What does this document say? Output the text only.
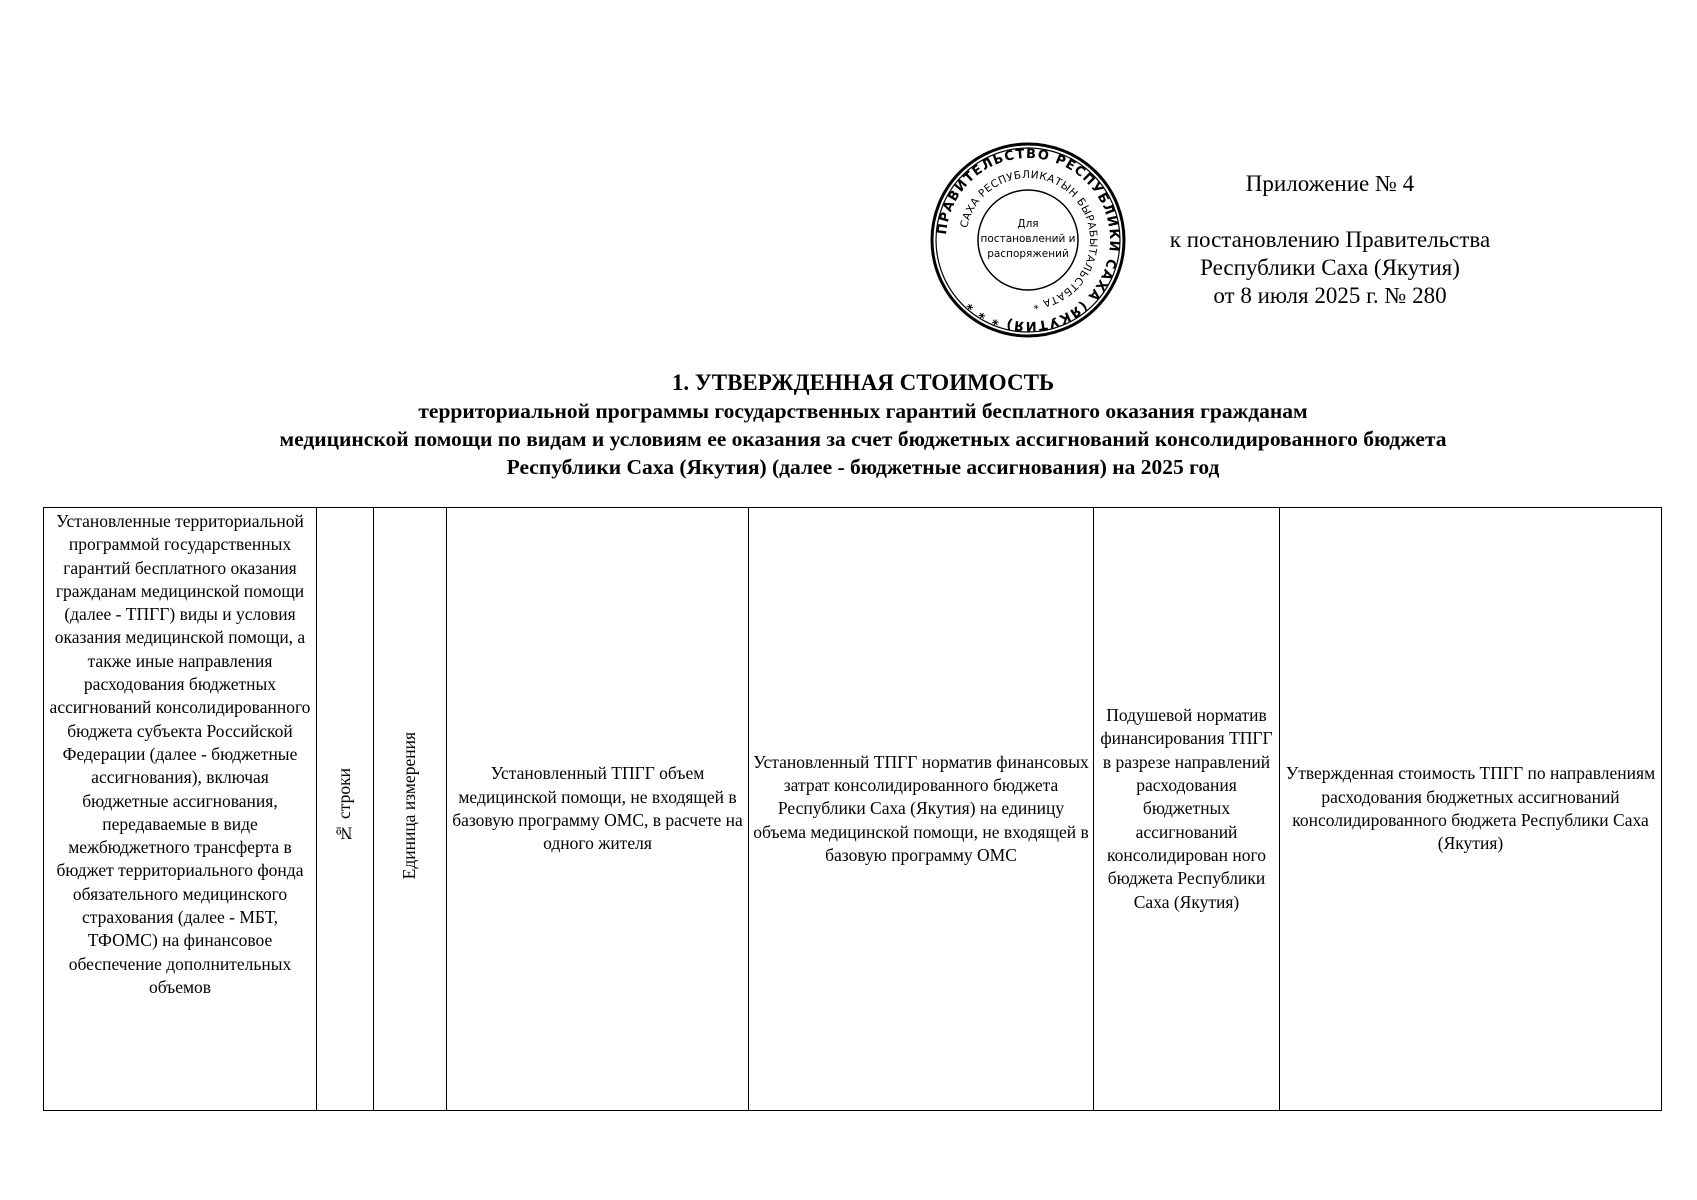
ПРАВИТЕЛЬСТВО РЕСПУБЛИКИ САХА (ЯКУТИЯ) * * *
САХА РЕСПУБЛИКАТЫН БЫРАБЫТАЛЬСТБАТА *
Для
постановлений и
распоряжений
Приложение № 4
к постановлению Правительства
Республики Саха (Якутия)
от 8 июля 2025 г. № 280
1. УТВЕРЖДЕННАЯ СТОИМОСТЬ
территориальной программы государственных гарантий бесплатного оказания гражданам
медицинской помощи по видам и условиям ее оказания за счет бюджетных ассигнований консолидированного бюджета
Республики Саха (Якутия) (далее - бюджетные ассигнования) на 2025 год
Установленные территориальной программой государственных гарантий бесплатного оказания гражданам медицинской помощи (далее - ТПГГ) виды и условия оказания медицинской помощи, а также иные направления расходования бюджетных ассигнований консолидированного бюджета субъекта Российской Федерации (далее - бюджетные ассигнования), включая бюджетные ассигнования, передаваемые в виде межбюджетного трансферта в бюджет территориального фонда обязательного медицинского страхования (далее - МБТ, ТФОМС) на финансовое обеспечение дополнительных объемов	№ строки	Единица измерения	Установленный ТПГГ объем медицинской помощи, не входящей в базовую программу ОМС, в расчете на одного жителя	Установленный ТПГГ норматив финансовых затрат консолидированного бюджета Республики Саха (Якутия) на единицу объема медицинской помощи, не входящей в базовую программу ОМС	Подушевой норматив финансирования ТПГГ в разрезе направлений расходования бюджетных ассигнований консолидирован ного бюджета Республики Саха (Якутия)	Утвержденная стоимость ТПГГ по направлениям расходования бюджетных ассигнований консолидированного бюджета Республики Саха (Якутия)
